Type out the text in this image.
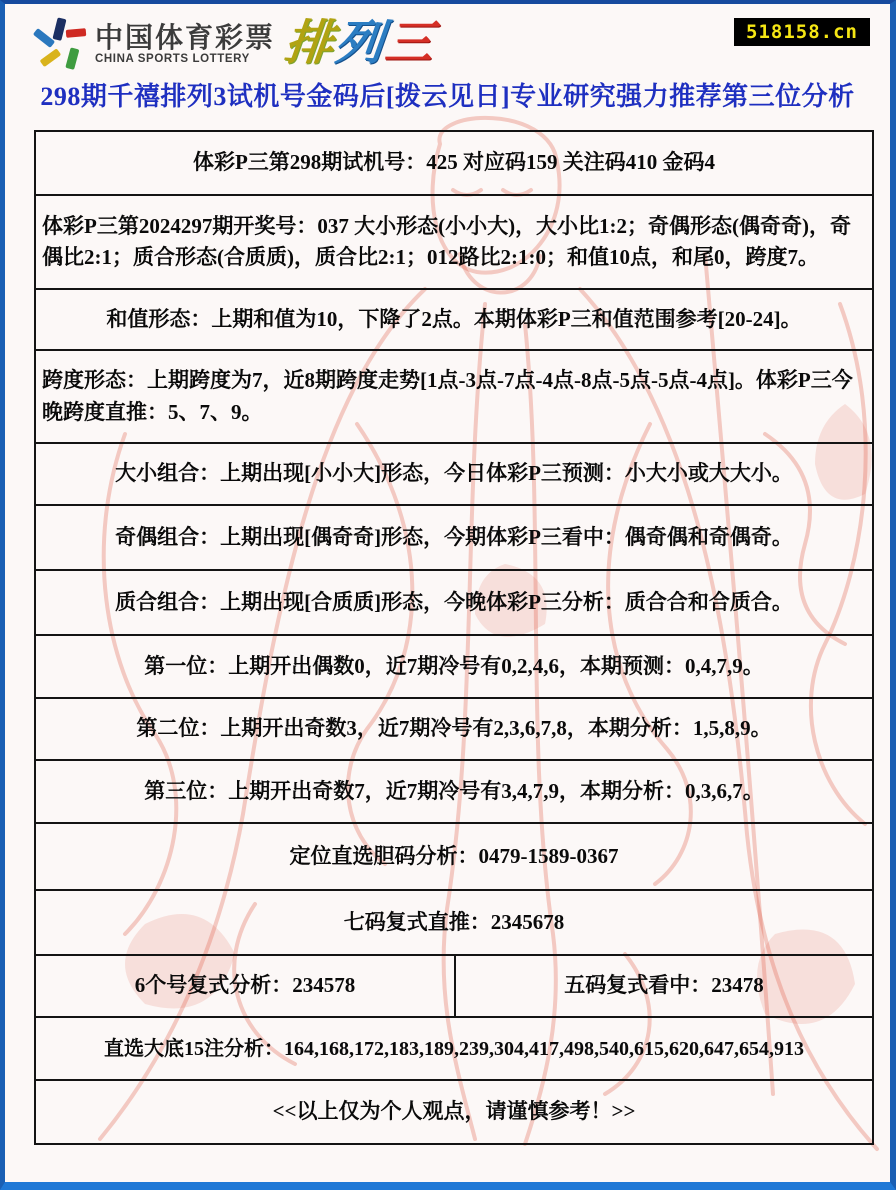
中国体育彩票
CHINA SPORTS LOTTERY 排列三	518158.cn
298期千禧排列3试机号金码后[拨云见日]专业研究强力推荐第三位分析
体彩P三第298期试机号：425 对应码159 关注码410 金码4
体彩P三第2024297期开奖号：037 大小形态(小小大)，大小比1:2；奇偶形态(偶奇奇)，奇偶比2:1；质合形态(合质质)，质合比2:1；012路比2:1:0；和值10点，和尾0，跨度7。
和值形态：上期和值为10，下降了2点。本期体彩P三和值范围参考[20-24]。
跨度形态：上期跨度为7，近8期跨度走势[1点-3点-7点-4点-8点-5点-5点-4点]。体彩P三今晚跨度直推：5、7、9。
大小组合：上期出现[小小大]形态，今日体彩P三预测：小大小或大大小。
奇偶组合：上期出现[偶奇奇]形态，今期体彩P三看中：偶奇偶和奇偶奇。
质合组合：上期出现[合质质]形态，今晚体彩P三分析：质合合和合质合。
第一位：上期开出偶数0，近7期冷号有0,2,4,6，本期预测：0,4,7,9。
第二位：上期开出奇数3，近7期冷号有2,3,6,7,8，本期分析：1,5,8,9。
第三位：上期开出奇数7，近7期冷号有3,4,7,9，本期分析：0,3,6,7。
定位直选胆码分析：0479-1589-0367
七码复式直推：2345678
6个号复式分析：234578	五码复式看中：23478
直选大底15注分析：164,168,172,183,189,239,304,417,498,540,615,620,647,654,913
<<以上仅为个人观点，请谨慎参考！>>
